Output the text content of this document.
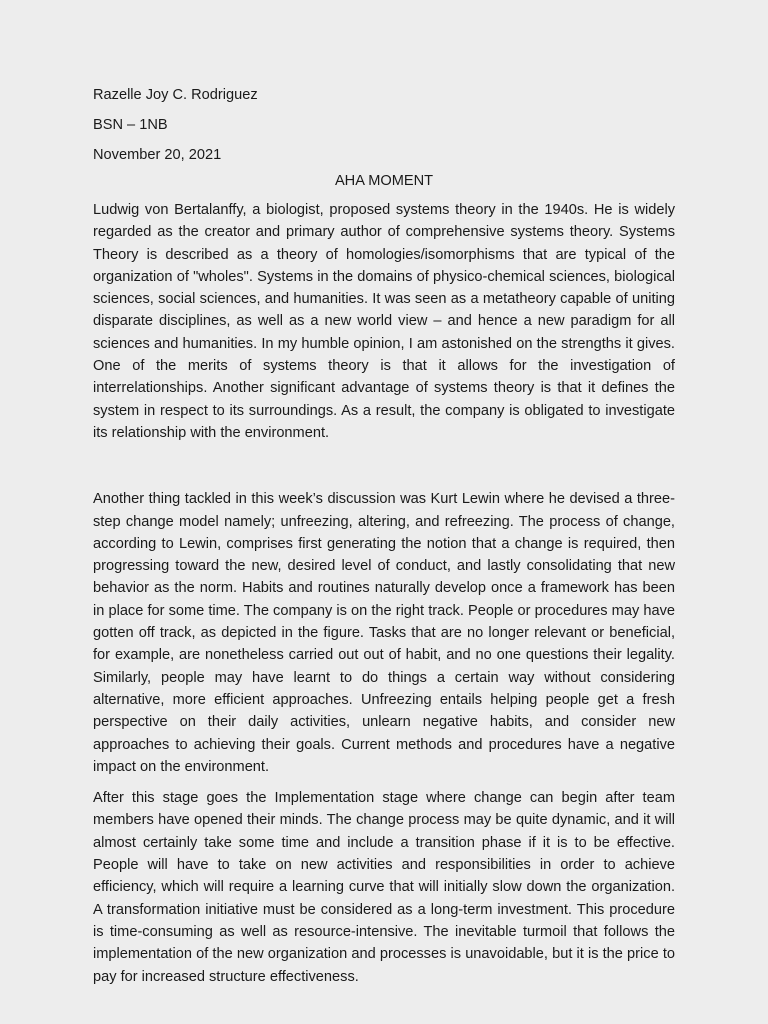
Razelle Joy C. Rodriguez

BSN – 1NB

November 20, 2021

AHA MOMENT

Ludwig von Bertalanffy, a biologist, proposed systems theory in the 1940s. He is widely regarded as the creator and primary author of comprehensive systems theory. Systems Theory is described as a theory of homologies/isomorphisms that are typical of the organization of "wholes". Systems in the domains of physico-chemical sciences, biological sciences, social sciences, and humanities. It was seen as a metatheory capable of uniting disparate disciplines, as well as a new world view – and hence a new paradigm for all sciences and humanities. In my humble opinion, I am astonished on the strengths it gives. One of the merits of systems theory is that it allows for the investigation of interrelationships. Another significant advantage of systems theory is that it defines the system in respect to its surroundings. As a result, the company is obligated to investigate its relationship with the environment.

Another thing tackled in this week’s discussion was Kurt Lewin where he devised a three-step change model namely; unfreezing, altering, and refreezing. The process of change, according to Lewin, comprises first generating the notion that a change is required, then progressing toward the new, desired level of conduct, and lastly consolidating that new behavior as the norm. Habits and routines naturally develop once a framework has been in place for some time. The company is on the right track. People or procedures may have gotten off track, as depicted in the figure. Tasks that are no longer relevant or beneficial, for example, are nonetheless carried out out of habit, and no one questions their legality. Similarly, people may have learnt to do things a certain way without considering alternative, more efficient approaches. Unfreezing entails helping people get a fresh perspective on their daily activities, unlearn negative habits, and consider new approaches to achieving their goals. Current methods and procedures have a negative impact on the environment.

After this stage goes the Implementation stage where change can begin after team members have opened their minds. The change process may be quite dynamic, and it will almost certainly take some time and include a transition phase if it is to be effective. People will have to take on new activities and responsibilities in order to achieve efficiency, which will require a learning curve that will initially slow down the organization. A transformation initiative must be considered as a long-term investment. This procedure is time-consuming as well as resource-intensive. The inevitable turmoil that follows the implementation of the new organization and processes is unavoidable, but it is the price to pay for increased structure effectiveness.
